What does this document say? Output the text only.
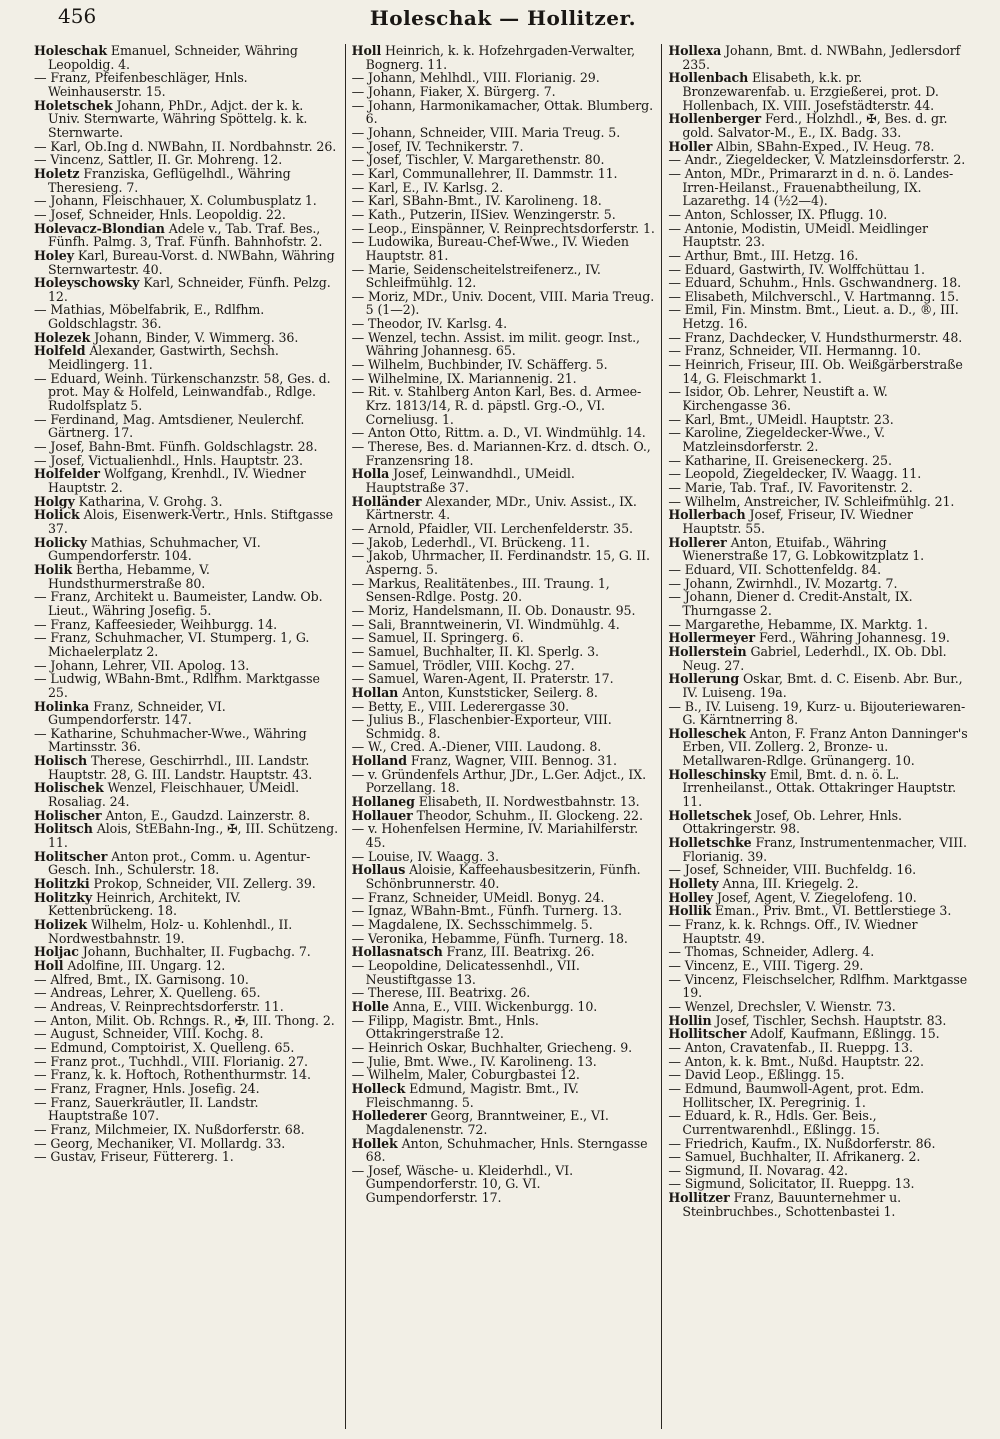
456	Holeschak — Hollitzer.

Holeschak Emanuel, Schneider, Währing Leopoldig. 4.

— Franz, Pfeifenbeschläger, Hnls. Weinhauserstr. 15.

Holetschek Johann, PhDr., Adjct. der k. k. Univ. Sternwarte, Währing Spöttelg. k. k. Sternwarte.

— Karl, Ob.Ing d. NWBahn, II. Nordbahnstr. 26.

— Vincenz, Sattler, II. Gr. Mohreng. 12.

Holetz Franziska, Geflügelhdl., Währing Theresieng. 7.

— Johann, Fleischhauer, X. Columbusplatz 1.

— Josef, Schneider, Hnls. Leopoldig. 22.

Holevacz-Blondian Adele v., Tab. Traf. Bes., Fünfh. Palmg. 3, Traf. Fünfh. Bahnhofstr. 2.

Holey Karl, Bureau-Vorst. d. NWBahn, Währing Sternwartestr. 40.

Holeyschowsky Karl, Schneider, Fünfh. Pelzg. 12.

— Mathias, Möbelfabrik, E., Rdlfhm. Goldschlagstr. 36.

Holezek Johann, Binder, V. Wimmerg. 36.

Holfeld Alexander, Gastwirth, Sechsh. Meidlingerg. 11.

— Eduard, Weinh. Türkenschanzstr. 58, Ges. d. prot. May & Holfeld, Leinwandfab., Rdlge. Rudolfsplatz 5.

— Ferdinand, Mag. Amtsdiener, Neulerchf. Gärtnerg. 17.

— Josef, Bahn-Bmt. Fünfh. Goldschlagstr. 28.

— Josef, Victualienhdl., Hnls. Hauptstr. 23.

Holfelder Wolfgang, Krenhdl., IV. Wiedner Hauptstr. 2.

Holgy Katharina, V. Grohg. 3.

Holick Alois, Eisenwerk-Vertr., Hnls. Stiftgasse 37.

Holicky Mathias, Schuhmacher, VI. Gumpendorferstr. 104.

Holik Bertha, Hebamme, V. Hundsthurmerstraße 80.

— Franz, Architekt u. Baumeister, Landw. Ob. Lieut., Währing Josefig. 5.

— Franz, Kaffeesieder, Weihburgg. 14.

— Franz, Schuhmacher, VI. Stumperg. 1, G. Michaelerplatz 2.

— Johann, Lehrer, VII. Apolog. 13.

— Ludwig, WBahn-Bmt., Rdlfhm. Marktgasse 25.

Holinka Franz, Schneider, VI. Gumpendorferstr. 147.

— Katharine, Schuhmacher-Wwe., Währing Martinsstr. 36.

Holisch Therese, Geschirrhdl., III. Landstr. Hauptstr. 28, G. III. Landstr. Hauptstr. 43.

Holischek Wenzel, Fleischhauer, UMeidl. Rosaliag. 24.

Holischer Anton, E., Gaudzd. Lainzerstr. 8.

Holitsch Alois, StEBahn-Ing., ✠, III. Schützeng. 11.

Holitscher Anton prot., Comm. u. Agentur-Gesch. Inh., Schulerstr. 18.

Holitzki Prokop, Schneider, VII. Zellerg. 39.

Holitzky Heinrich, Architekt, IV. Kettenbrückeng. 18.

Holizek Wilhelm, Holz- u. Kohlenhdl., II. Nordwestbahnstr. 19.

Holjac Johann, Buchhalter, II. Fugbachg. 7.

Holl Adolfine, III. Ungarg. 12.

— Alfred, Bmt., IX. Garnisong. 10.

— Andreas, Lehrer, X. Quelleng. 65.

— Andreas, V. Reinprechtsdorferstr. 11.

— Anton, Milit. Ob. Rchngs. R., ✠, III. Thong. 2.

— August, Schneider, VIII. Kochg. 8.

— Edmund, Comptoirist, X. Quelleng. 65.

— Franz prot., Tuchhdl., VIII. Florianig. 27.

— Franz, k. k. Hoftoch, Rothenthurmstr. 14.

— Franz, Fragner, Hnls. Josefig. 24.

— Franz, Sauerkräutler, II. Landstr. Hauptstraße 107.

— Franz, Milchmeier, IX. Nußdorferstr. 68.

— Georg, Mechaniker, VI. Mollardg. 33.

— Gustav, Friseur, Füttererg. 1.

Holl Heinrich, k. k. Hofzehrgaden-Verwalter, Bognerg. 11.

— Johann, Mehlhdl., VIII. Florianig. 29.

— Johann, Fiaker, X. Bürgerg. 7.

— Johann, Harmonikamacher, Ottak. Blumberg. 6.

— Johann, Schneider, VIII. Maria Treug. 5.

— Josef, IV. Technikerstr. 7.

— Josef, Tischler, V. Margarethenstr. 80.

— Karl, Communallehrer, II. Dammstr. 11.

— Karl, E., IV. Karlsg. 2.

— Karl, SBahn-Bmt., IV. Karolineng. 18.

— Kath., Putzerin, IISiev. Wenzingerstr. 5.

— Leop., Einspänner, V. Reinprechtsdorferstr. 1.

— Ludowika, Bureau-Chef-Wwe., IV. Wieden Hauptstr. 81.

— Marie, Seidenscheitelstreifenerz., IV. Schleifmühlg. 12.

— Moriz, MDr., Univ. Docent, VIII. Maria Treug. 5 (1—2).

— Theodor, IV. Karlsg. 4.

— Wenzel, techn. Assist. im milit. geogr. Inst., Währing Johannesg. 65.

— Wilhelm, Buchbinder, IV. Schäfferg. 5.

— Wilhelmine, IX. Mariannenig. 21.

— Rit. v. Stahlberg Anton Karl, Bes. d. Armee-Krz. 1813/14, R. d. päpstl. Grg.-O., VI. Corneliusg. 1.

— Anton Otto, Rittm. a. D., VI. Windmühlg. 14.

— Therese, Bes. d. Mariannen-Krz. d. dtsch. O., Franzensring 18.

Holla Josef, Leinwandhdl., UMeidl. Hauptstraße 37.

Holländer Alexander, MDr., Univ. Assist., IX. Kärtnerstr. 4.

— Arnold, Pfaidler, VII. Lerchenfelderstr. 35.

— Jakob, Lederhdl., VI. Brückeng. 11.

— Jakob, Uhrmacher, II. Ferdinandstr. 15, G. II. Asperng. 5.

— Markus, Realitätenbes., III. Traung. 1, Sensen-Rdlge. Postg. 20.

— Moriz, Handelsmann, II. Ob. Donaustr. 95.

— Sali, Branntweinerin, VI. Windmühlg. 4.

— Samuel, II. Springerg. 6.

— Samuel, Buchhalter, II. Kl. Sperlg. 3.

— Samuel, Trödler, VIII. Kochg. 27.

— Samuel, Waren-Agent, II. Praterstr. 17.

Hollan Anton, Kunststicker, Seilerg. 8.

— Betty, E., VIII. Lederergasse 30.

— Julius B., Flaschenbier-Exporteur, VIII. Schmidg. 8.

— W., Cred. A.-Diener, VIII. Laudong. 8.

Holland Franz, Wagner, VIII. Bennog. 31.

— v. Gründenfels Arthur, JDr., L.Ger. Adjct., IX. Porzellang. 18.

Hollaneg Elisabeth, II. Nordwestbahnstr. 13.

Hollauer Theodor, Schuhm., II. Glockeng. 22.

— v. Hohenfelsen Hermine, IV. Mariahilferstr. 45.

— Louise, IV. Waagg. 3.

Hollaus Aloisie, Kaffeehausbesitzerin, Fünfh. Schönbrunnerstr. 40.

— Franz, Schneider, UMeidl. Bonyg. 24.

— Ignaz, WBahn-Bmt., Fünfh. Turnerg. 13.

— Magdalene, IX. Sechsschimmelg. 5.

— Veronika, Hebamme, Fünfh. Turnerg. 18.

Hollasnatsch Franz, III. Beatrixg. 26.

— Leopoldine, Delicatessenhdl., VII. Neustiftgasse 13.

— Therese, III. Beatrixg. 26.

Holle Anna, E., VIII. Wickenburgg. 10.

— Filipp, Magistr. Bmt., Hnls. Ottakringerstraße 12.

— Heinrich Oskar, Buchhalter, Griecheng. 9.

— Julie, Bmt. Wwe., IV. Karolineng. 13.

— Wilhelm, Maler, Coburgbastei 12.

Holleck Edmund, Magistr. Bmt., IV. Fleischmanng. 5.

Hollederer Georg, Branntweiner, E., VI. Magdalenenstr. 72.

Hollek Anton, Schuhmacher, Hnls. Sterngasse 68.

— Josef, Wäsche- u. Kleiderhdl., VI. Gumpendorferstr. 10, G. VI. Gumpendorferstr. 17.

Hollexa Johann, Bmt. d. NWBahn, Jedlersdorf 235.

Hollenbach Elisabeth, k.k. pr. Bronzewarenfab. u. Erzgießerei, prot. D. Hollenbach, IX. VIII. Josefstädterstr. 44.

Hollenberger Ferd., Holzhdl., ✠, Bes. d. gr. gold. Salvator-M., E., IX. Badg. 33.

Holler Albin, SBahn-Exped., IV. Heug. 78.

— Andr., Ziegeldecker, V. Matzleinsdorferstr. 2.

— Anton, MDr., Primararzt in d. n. ö. Landes-Irren-Heilanst., Frauenabtheilung, IX. Lazarethg. 14 (½2—4).

— Anton, Schlosser, IX. Pflugg. 10.

— Antonie, Modistin, UMeidl. Meidlinger Hauptstr. 23.

— Arthur, Bmt., III. Hetzg. 16.

— Eduard, Gastwirth, IV. Wolffchüttau 1.

— Eduard, Schuhm., Hnls. Gschwandnerg. 18.

— Elisabeth, Milchverschl., V. Hartmanng. 15.

— Emil, Fin. Minstm. Bmt., Lieut. a. D., ®, III. Hetzg. 16.

— Franz, Dachdecker, V. Hundsthurmerstr. 48.

— Franz, Schneider, VII. Hermanng. 10.

— Heinrich, Friseur, III. Ob. Weißgärberstraße 14, G. Fleischmarkt 1.

— Isidor, Ob. Lehrer, Neustift a. W. Kirchengasse 36.

— Karl, Bmt., UMeidl. Hauptstr. 23.

— Karoline, Ziegeldecker-Wwe., V. Matzleinsdorferstr. 2.

— Katharine, II. Greiseneckerg. 25.

— Leopold, Ziegeldecker, IV. Waagg. 11.

— Marie, Tab. Traf., IV. Favoritenstr. 2.

— Wilhelm, Anstreicher, IV. Schleifmühlg. 21.

Hollerbach Josef, Friseur, IV. Wiedner Hauptstr. 55.

Hollerer Anton, Etuifab., Währing Wienerstraße 17, G. Lobkowitzplatz 1.

— Eduard, VII. Schottenfeldg. 84.

— Johann, Zwirnhdl., IV. Mozartg. 7.

— Johann, Diener d. Credit-Anstalt, IX. Thurngasse 2.

— Margarethe, Hebamme, IX. Marktg. 1.

Hollermeyer Ferd., Währing Johannesg. 19.

Hollerstein Gabriel, Lederhdl., IX. Ob. Dbl. Neug. 27.

Hollerung Oskar, Bmt. d. C. Eisenb. Abr. Bur., IV. Luiseng. 19a.

— B., IV. Luiseng. 19, Kurz- u. Bijouteriewaren-G. Kärntnerring 8.

Holleschek Anton, F. Franz Anton Danninger's Erben, VII. Zollerg. 2, Bronze- u. Metallwaren-Rdlge. Grünangerg. 10.

Holleschinsky Emil, Bmt. d. n. ö. L. Irrenheilanst., Ottak. Ottakringer Hauptstr. 11.

Holletschek Josef, Ob. Lehrer, Hnls. Ottakringerstr. 98.

Holletschke Franz, Instrumentenmacher, VIII. Florianig. 39.

— Josef, Schneider, VIII. Buchfeldg. 16.

Hollety Anna, III. Kriegelg. 2.

Holley Josef, Agent, V. Ziegelofeng. 10.

Hollik Eman., Priv. Bmt., VI. Bettlerstiege 3.

— Franz, k. k. Rchngs. Off., IV. Wiedner Hauptstr. 49.

— Thomas, Schneider, Adlerg. 4.

— Vincenz, E., VIII. Tigerg. 29.

— Vincenz, Fleischselcher, Rdlfhm. Marktgasse 19.

— Wenzel, Drechsler, V. Wienstr. 73.

Hollin Josef, Tischler, Sechsh. Hauptstr. 83.

Hollitscher Adolf, Kaufmann, Eßlingg. 15.

— Anton, Cravatenfab., II. Rueppg. 13.

— Anton, k. k. Bmt., Nußd. Hauptstr. 22.

— David Leop., Eßlingg. 15.

— Edmund, Baumwoll-Agent, prot. Edm. Hollitscher, IX. Peregrinig. 1.

— Eduard, k. R., Hdls. Ger. Beis., Currentwarenhdl., Eßlingg. 15.

— Friedrich, Kaufm., IX. Nußdorferstr. 86.

— Samuel, Buchhalter, II. Afrikanerg. 2.

— Sigmund, II. Novarag. 42.

— Sigmund, Solicitator, II. Rueppg. 13.

Hollitzer Franz, Bauunternehmer u. Steinbruchbes., Schottenbastei 1.
